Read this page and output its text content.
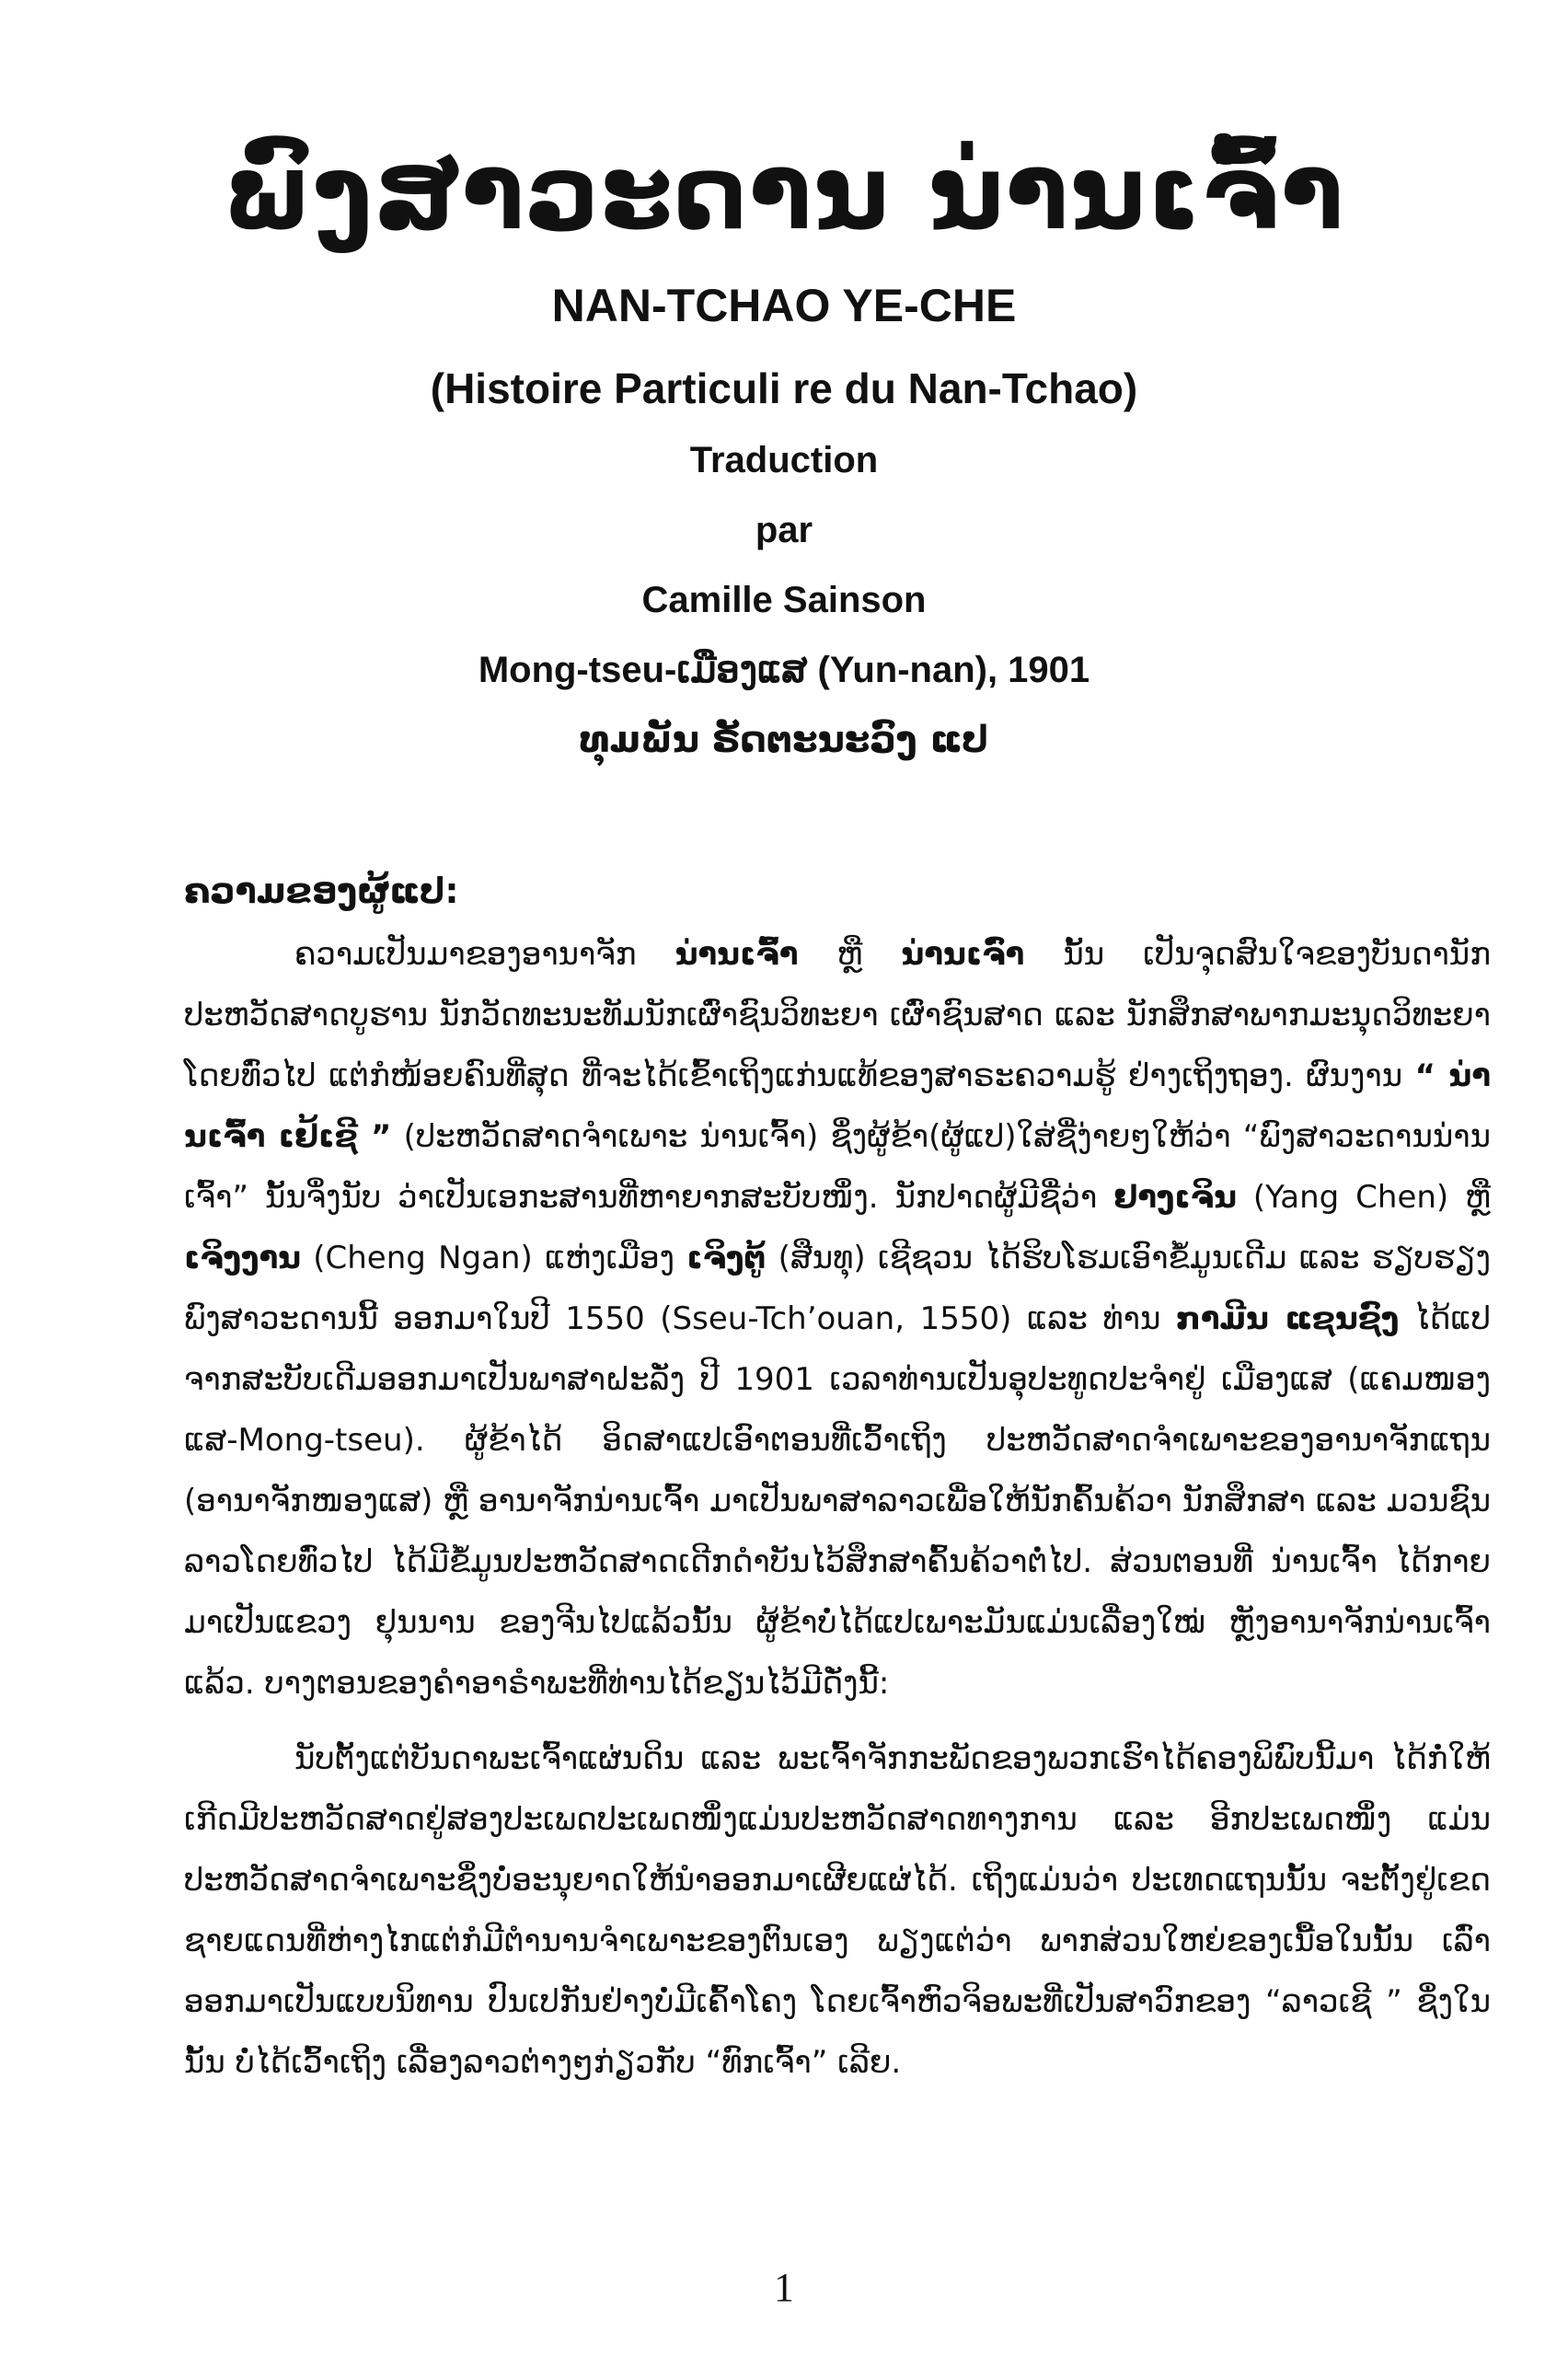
ພົງສາວະດານ ນ່ານເຈົ້າ
NAN-TCHAO YE-CHE
(Histoire Particuli re du Nan-Tchao)
Traduction
par
Camille Sainson
Mong-tseu-ເມືອງແສ (Yun-nan), 1901
ທຸມພັນ ຣັດຕະນະວົງ ແປ
ຄວາມຂອງຜູ້ແປ:

ຄວາມເປັນມາຂອງອານາຈັກ ນ່ານເຈົ້າ ຫຼື ນ່ານເຈົ່າ ນັ້ນ ເປັນຈຸດສົນໃຈຂອງບັນດານັກປະຫວັດສາດບູຮານ ນັກວັດທະນະທັມນັກເຜົ່າຊົນວິທະຍາ ເຜົ່າຊົນສາດ ແລະ ນັກສຶກສາພາກມະນຸດວິທະຍາໂດຍທົ່ວໄປ ແຕ່ກໍໜ້ອຍຄົນທີ່ສຸດ ທີ່ຈະໄດ້ເຂົ້າເຖິງແກ່ນແທ້ຂອງສາຣະຄວາມຮູ້ ຢ່າງເຖິງຖອງ. ຜົນງານ “ ນ່ານເຈົ້າ ເຢ້ເຊີ ” (ປະຫວັດສາດຈຳເພາະ ນ່ານເຈົ້າ) ຊຶ່ງຜູ້ຂ້າ(ຜູ້ແປ)ໃສ່ຊື່ງ່າຍໆໃຫ້ວ່າ “ພົງສາວະດານນ່ານເຈົ້າ” ນັ້ນຈຶ່ງນັບ ວ່າເປັນເອກະສານທີ່ຫາຍາກສະບັບໜຶ່ງ. ນັກປາດຜູ້ມີຊື່ວ່າ ຢາງເຈິນ (Yang Chen) ຫຼື ເຈິງງານ (Cheng Ngan) ແຫ່ງເມືອງ ເຈິງຕູ້ (ສືນທຸ) ເຊີຊວນ ໄດ້ຮິບໂຮມເອົາຂໍ້ມູນເດີມ ແລະ ຮຽບຮຽງພົງສາວະດານນີ້ ອອກມາໃນປີ 1550 (Sseu-Tch’ouan, 1550) ແລະ ທ່ານ ກາມີນ ແຊນຊົງ ໄດ້ແປຈາກສະບັບເດີມອອກມາເປັນພາສາຝະລັ່ງ ປີ 1901 ເວລາທ່ານເປັນອຸປະທູດປະຈຳຢູ່ ເມືອງແສ (ແຄມໜອງແສ-Mong-tseu). ຜູ້ຂ້າໄດ້ ອິດສາແປເອົາຕອນທີ່ເວົ້າເຖິງ ປະຫວັດສາດຈຳເພາະຂອງອານາຈັກແຖນ (ອານາຈັກໜອງແສ) ຫຼື ອານາຈັກນ່ານເຈົ້າ ມາເປັນພາສາລາວເພື່ອໃຫ້ນັກຄົ້ນຄ້ວາ ນັກສຶກສາ ແລະ ມວນຊົນລາວໂດຍທົ່ວໄປ ໄດ້ມີຂໍ້ມູນປະຫວັດສາດເດີກດຳບັນໄວ້ສຶກສາຄົ້ນຄ້ວາຕໍ່ໄປ. ສ່ວນຕອນທີ່ ນ່ານເຈົ້າ ໄດ້ກາຍມາເປັນແຂວງ ຢຸນນານ ຂອງຈີນໄປແລ້ວນັ້ນ ຜູ້ຂ້າບໍ່ໄດ້ແປເພາະມັນແມ່ນເລື່ອງໃໝ່ ຫຼັງອານາຈັກນ່ານເຈົ້າແລ້ວ. ບາງຕອນຂອງຄຳອາຣໍາພະທີ່ທ່ານໄດ້ຂຽນໄວ້ມີດັ່ງນີ້:

ນັບຕັ້ງແຕ່ບັນດາພະເຈົ້າແຜ່ນດິນ ແລະ ພະເຈົ້າຈັກກະພັດຂອງພວກເຮົາໄດ້ຄອງພິພົບນີ້ມາ ໄດ້ກໍ່ໃຫ້ເກີດມີປະຫວັດສາດຢູ່ສອງປະເພດປະເພດໜຶ່ງແມ່ນປະຫວັດສາດທາງການ ແລະ ອີກປະເພດໜຶ່ງ ແມ່ນປະຫວັດສາດຈຳເພາະຊຶ່ງບໍ່ອະນຸຍາດໃຫ້ນຳອອກມາເຜີຍແຜ່ໄດ້. ເຖິງແມ່ນວ່າ ປະເທດແຖນນັ້ນ ຈະຕັ້ງຢູ່ເຂດຊາຍແດນທີ່ຫ່າງໄກແຕ່ກໍມີຕຳນານຈຳເພາະຂອງຕົນເອງ ພຽງແຕ່ວ່າ ພາກສ່ວນໃຫຍ່ຂອງເນື້ອໃນນັ້ນ ເລົ່າອອກມາເປັນແບບນິທານ ປົນເປກັນຢ່າງບໍ່ມີເຄົ້າໂຄງ ໂດຍເຈົ້າຫົວຈິອພະທີ່ເປັນສາວົກຂອງ “ລາວເຊີ ” ຊຶ່ງໃນນັ້ນ ບໍ່ໄດ້ເວົ້າເຖິງ ເລື່ອງລາວຕ່າງໆກ່ຽວກັບ “ທົກເຈົ້າ” ເລີຍ.

1
